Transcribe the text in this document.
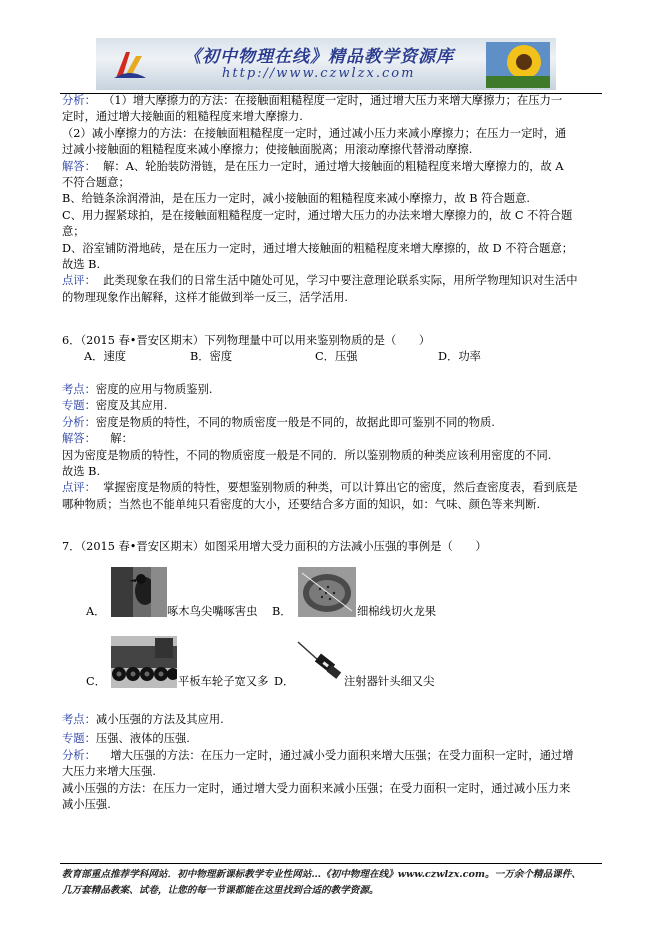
《初中物理在线》精品教学资源库
http://www.czwlzx.com
分析： （1）增大摩擦力的方法：在接触面粗糙程度一定时，通过增大压力来增大摩擦力；在压力一
定时，通过增大接触面的粗糙程度来增大摩擦力.
（2）减小摩擦力的方法：在接触面粗糙程度一定时，通过减小压力来减小摩擦力；在压力一定时，通
过减小接触面的粗糙程度来减小摩擦力；使接触面脱离；用滚动摩擦代替滑动摩擦.
解答： 解：A、轮胎装防滑链，是在压力一定时，通过增大接触面的粗糙程度来增大摩擦力的，故 A
不符合题意；
B、给链条涂润滑油，是在压力一定时，减小接触面的粗糙程度来减小摩擦力，故 B 符合题意.
C、用力握紧球拍，是在接触面粗糙程度一定时，通过增大压力的办法来增大摩擦力的，故 C 不符合题
意；
D、浴室铺防滑地砖，是在压力一定时，通过增大接触面的粗糙程度来增大摩擦的，故 D 不符合题意；
故选 B.
点评： 此类现象在我们的日常生活中随处可见，学习中要注意理论联系实际，用所学物理知识对生活中
的物理现象作出解释，这样才能做到举一反三，活学活用.
6．（2015 春•晋安区期末）下列物理量中可以用来鉴别物质的是（　　）
A．速度	B．密度	C．压强	D．功率
考点：密度的应用与物质鉴别.
专题：密度及其应用.
分析：密度是物质的特性，不同的物质密度一般是不同的，故据此即可鉴别不同的物质.
解答： 解：
因为密度是物质的特性，不同的物质密度一般是不同的．所以鉴别物质的种类应该利用密度的不同.
故选 B.
点评： 掌握密度是物质的特性，要想鉴别物质的种类，可以计算出它的密度，然后查密度表，看到底是
哪种物质；当然也不能单纯只看密度的大小，还要结合多方面的知识，如：气味、颜色等来判断.
7．（2015 春•晋安区期末）如图采用增大受力面积的方法减小压强的事例是（　　）
A．	啄木鸟尖嘴啄害虫 B．	细棉线切火龙果
C．	平板车轮子宽又多 D．	注射器针头细又尖
考点：减小压强的方法及其应用.
专题：压强、液体的压强.
分析： 增大压强的方法：在压力一定时，通过减小受力面积来增大压强；在受力面积一定时，通过增
大压力来增大压强.
减小压强的方法：在压力一定时，通过增大受力面积来减小压强；在受力面积一定时，通过减小压力来
减小压强.
教育部重点推荐学科网站．初中物理新课标教学专业性网站…《初中物理在线》www.czwlzx.com。一万余个精品课件、
几万套精品教案、试卷，让您的每一节课都能在这里找到合适的教学资源。
